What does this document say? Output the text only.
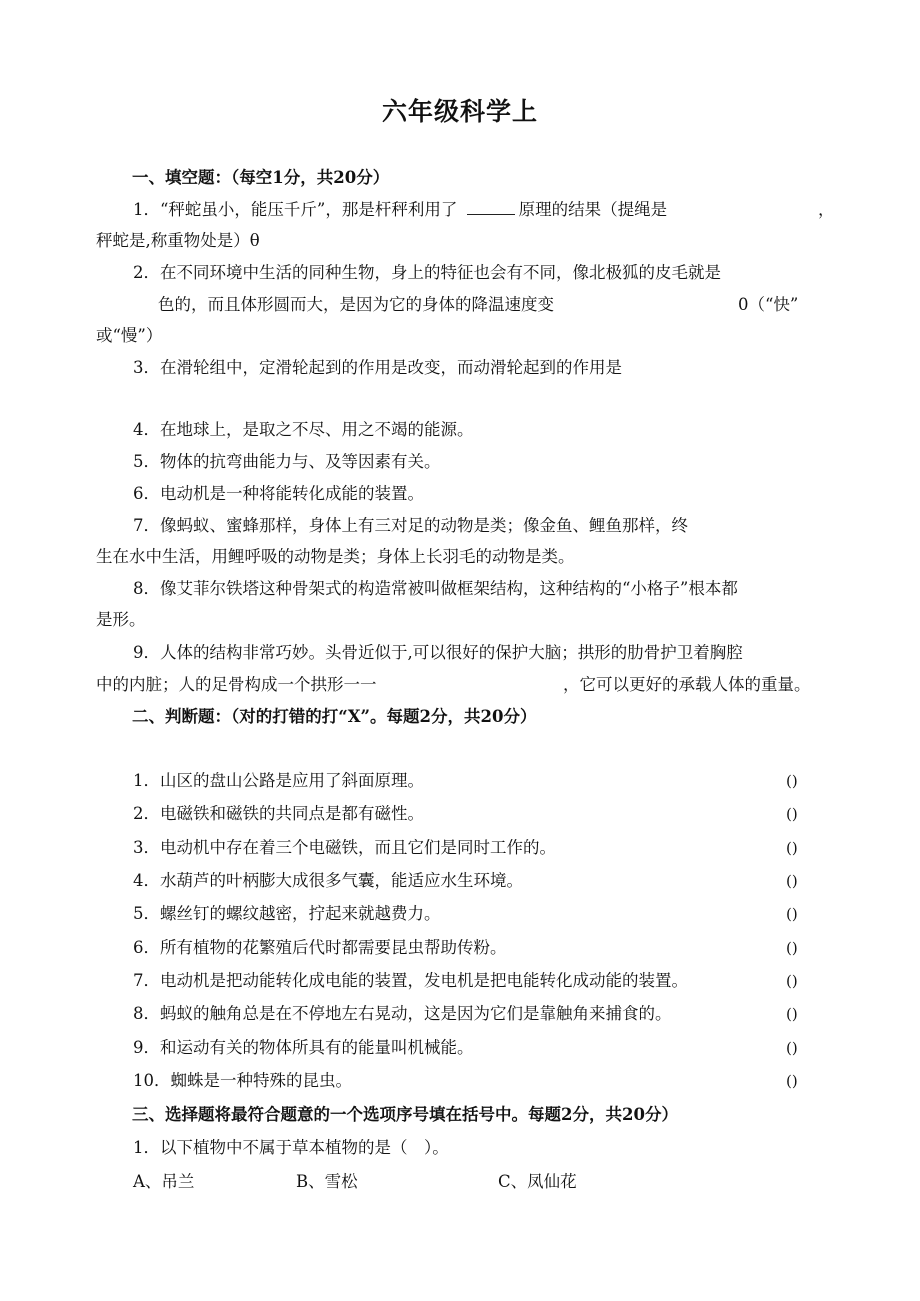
六年级科学上
一、填空题：（每空1分，共20分）
1．“秤蛇虽小，能压千斤”，那是杆秤利用了	原理的结果（提绳是	，
秤蛇是,称重物处是）θ
2．在不同环境中生活的同种生物，身上的特征也会有不同，像北极狐的皮毛就是
色的，而且体形圆而大，是因为它的身体的降温速度变	0（“快”
或“慢”）
3．在滑轮组中，定滑轮起到的作用是改变，而动滑轮起到的作用是
4．在地球上，是取之不尽、用之不竭的能源。
5．物体的抗弯曲能力与、及等因素有关。
6．电动机是一种将能转化成能的装置。
7．像蚂蚁、蜜蜂那样，身体上有三对足的动物是类；像金鱼、鲤鱼那样，终
生在水中生活，用鲤呼吸的动物是类；身体上长羽毛的动物是类。
8．像艾菲尔铁塔这种骨架式的构造常被叫做框架结构，这种结构的“小格子”根本都
是形。
9．人体的结构非常巧妙。头骨近似于,可以很好的保护大脑；拱形的肋骨护卫着胸腔
中的内脏；人的足骨构成一个拱形一一	，它可以更好的承载人体的重量。
二、判断题：（对的打错的打“X”。每题2分，共20分）
1．山区的盘山公路是应用了斜面原理。	()
2．电磁铁和磁铁的共同点是都有磁性。	()
3．电动机中存在着三个电磁铁，而且它们是同时工作的。	()
4．水葫芦的叶柄膨大成很多气囊，能适应水生环境。	()
5．螺丝钉的螺纹越密，拧起来就越费力。	()
6．所有植物的花繁殖后代时都需要昆虫帮助传粉。	()
7．电动机是把动能转化成电能的装置，发电机是把电能转化成动能的装置。	()
8．蚂蚁的触角总是在不停地左右晃动，这是因为它们是靠触角来捕食的。	()
9．和运动有关的物体所具有的能量叫机械能。	()
10．蜘蛛是一种特殊的昆虫。	()
三、选择题将最符合题意的一个选项序号填在括号中。每题2分，共20分）
1．以下植物中不属于草本植物的是（　）。
A、吊兰	B、雪松	C、凤仙花
